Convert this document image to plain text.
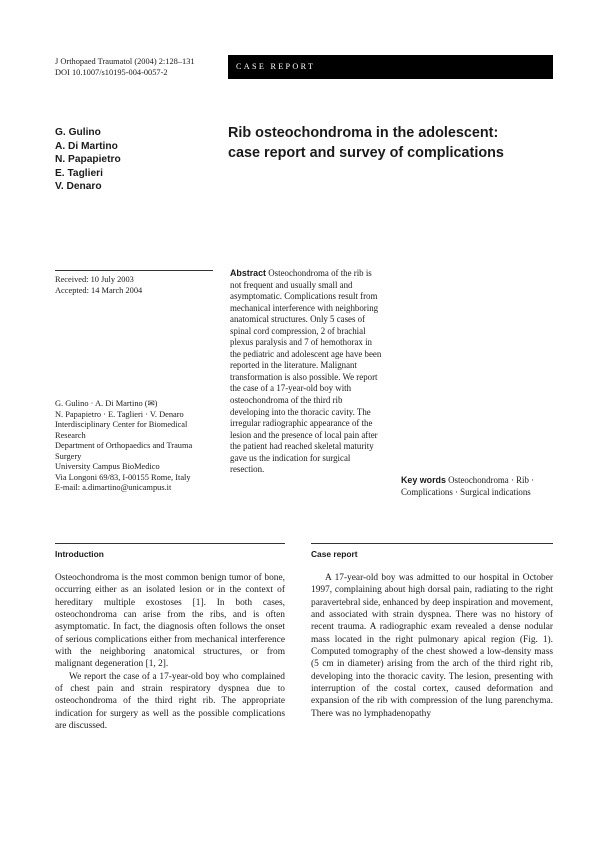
J Orthopaed Traumatol (2004) 2:128–131
DOI 10.1007/s10195-004-0057-2
CASE REPORT
G. Gulino
A. Di Martino
N. Papapietro
E. Taglieri
V. Denaro
Rib osteochondroma in the adolescent:
case report and survey of complications
Received: 10 July 2003
Accepted: 14 March 2004
G. Gulino · A. Di Martino (✉)
N. Papapietro · E. Taglieri · V. Denaro
Interdisciplinary Center for Biomedical
Research
Department of Orthopaedics and Trauma
Surgery
University Campus BioMedico
Via Longoni 69/83, I-00155 Rome, Italy
E-mail: a.dimartino@unicampus.it
Abstract Osteochondroma of the rib is not frequent and usually small and asymptomatic. Complications result from mechanical interference with neighboring anatomical structures. Only 5 cases of spinal cord compression, 2 of brachial plexus paralysis and 7 of hemothorax in the pediatric and adolescent age have been reported in the literature. Malignant transformation is also possible. We report the case of a 17-year-old boy with osteochondroma of the third rib developing into the thoracic cavity. The irregular radiographic appearance of the lesion and the presence of local pain after the patient had reached skeletal maturity gave us the indication for surgical resection.
Key words Osteochondroma · Rib · Complications · Surgical indications
Introduction	Case report

Osteochondroma is the most common benign tumor of bone, occurring either as an isolated lesion or in the context of hereditary multiple exostoses [1]. In both cases, osteochondroma can arise from the ribs, and is often asymptomatic. In fact, the diagnosis often follows the onset of serious complications either from mechanical interference with the neighboring anatomical structures, or from malignant degeneration [1, 2].

We report the case of a 17-year-old boy who complained of chest pain and strain respiratory dyspnea due to osteochondroma of the third right rib. The appropriate indication for surgery as well as the possible complications are discussed.

A 17-year-old boy was admitted to our hospital in October 1997, complaining about high dorsal pain, radiating to the right paravertebral side, enhanced by deep inspiration and movement, and associated with strain dyspnea. There was no history of recent trauma. A radiographic exam revealed a dense nodular mass located in the right pulmonary apical region (Fig. 1). Computed tomography of the chest showed a low-density mass (5 cm in diameter) arising from the arch of the third right rib, developing into the thoracic cavity. The lesion, presenting with interruption of the costal cortex, caused deformation and expansion of the rib with compression of the lung parenchyma. There was no lymphadenopathy
